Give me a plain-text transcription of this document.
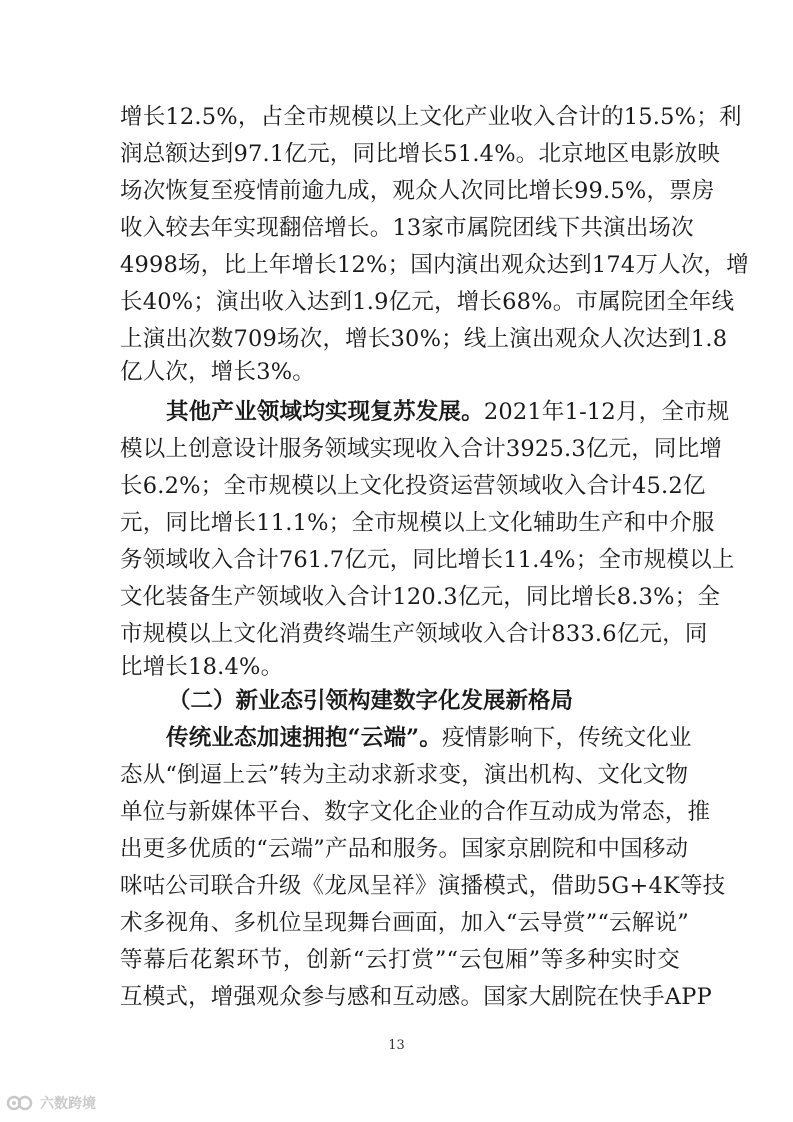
增长12.5%，占全市规模以上文化产业收入合计的15.5%；利
润总额达到97.1亿元，同比增长51.4%。北京地区电影放映
场次恢复至疫情前逾九成，观众人次同比增长99.5%，票房
收入较去年实现翻倍增长。13家市属院团线下共演出场次
4998场，比上年增长12%；国内演出观众达到174万人次，增
长40%；演出收入达到1.9亿元，增长68%。市属院团全年线
上演出次数709场次，增长30%；线上演出观众人次达到1.8
亿人次，增长3%。
其他产业领域均实现复苏发展。2021年1-12月，全市规
模以上创意设计服务领域实现收入合计3925.3亿元，同比增
长6.2%；全市规模以上文化投资运营领域收入合计45.2亿
元，同比增长11.1%；全市规模以上文化辅助生产和中介服
务领域收入合计761.7亿元，同比增长11.4%；全市规模以上
文化装备生产领域收入合计120.3亿元，同比增长8.3%；全
市规模以上文化消费终端生产领域收入合计833.6亿元，同
比增长18.4%。
（二）新业态引领构建数字化发展新格局
传统业态加速拥抱“云端”。疫情影响下，传统文化业
态从“倒逼上云”转为主动求新求变，演出机构、文化文物
单位与新媒体平台、数字文化企业的合作互动成为常态，推
出更多优质的“云端”产品和服务。国家京剧院和中国移动
咪咕公司联合升级《龙凤呈祥》演播模式，借助5G+4K等技
术多视角、多机位呈现舞台画面，加入“云导赏”“云解说”
等幕后花絮环节，创新“云打赏”“云包厢”等多种实时交
互模式，增强观众参与感和互动感。国家大剧院在快手APP
13
六数跨境
